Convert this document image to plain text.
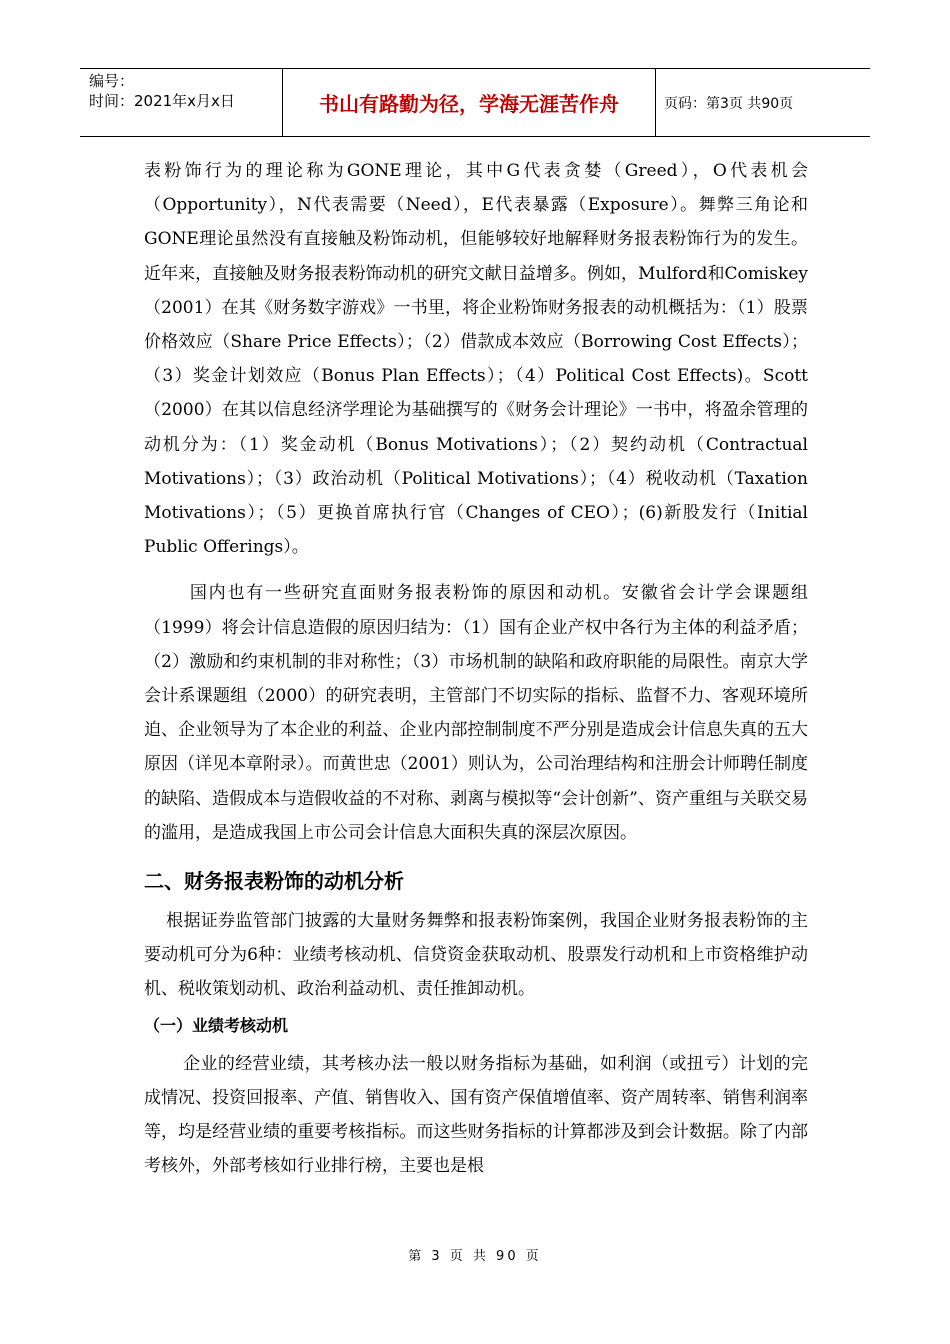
编号：
时间：2021年x月x日	书山有路勤为径，学海无涯苦作舟	页码：第3页 共90页

表粉饰行为的理论称为GONE理论，其中G代表贪婪（Greed），O代表机会（Opportunity），N代表需要（Need），E代表暴露（Exposure）。舞弊三角论和GONE理论虽然没有直接触及粉饰动机，但能够较好地解释财务报表粉饰行为的发生。近年来，直接触及财务报表粉饰动机的研究文献日益增多。例如，Mulford和Comiskey（2001）在其《财务数字游戏》一书里，将企业粉饰财务报表的动机概括为：（1）股票价格效应（Share Price Effects）；（2）借款成本效应（Borrowing Cost Effects）；（3）奖金计划效应（Bonus Plan Effects）；（4）Political Cost Effects)。Scott（2000）在其以信息经济学理论为基础撰写的《财务会计理论》一书中，将盈余管理的动机分为：（1）奖金动机（Bonus Motivations）；（2）契约动机（Contractual Motivations）；（3）政治动机（Political Motivations）；（4）税收动机（Taxation Motivations）；（5）更换首席执行官（Changes of CEO）；(6)新股发行（Initial Public Offerings）。

国内也有一些研究直面财务报表粉饰的原因和动机。安徽省会计学会课题组（1999）将会计信息造假的原因归结为：（1）国有企业产权中各行为主体的利益矛盾；（2）激励和约束机制的非对称性；（3）市场机制的缺陷和政府职能的局限性。南京大学会计系课题组（2000）的研究表明，主管部门不切实际的指标、监督不力、客观环境所迫、企业领导为了本企业的利益、企业内部控制制度不严分别是造成会计信息失真的五大原因（详见本章附录）。而黄世忠（2001）则认为，公司治理结构和注册会计师聘任制度的缺陷、造假成本与造假收益的不对称、剥离与模拟等“会计创新”、资产重组与关联交易的滥用，是造成我国上市公司会计信息大面积失真的深层次原因。

二、财务报表粉饰的动机分析

根据证券监管部门披露的大量财务舞弊和报表粉饰案例，我国企业财务报表粉饰的主要动机可分为6种：业绩考核动机、信贷资金获取动机、股票发行动机和上市资格维护动机、税收策划动机、政治利益动机、责任推卸动机。

（一）业绩考核动机

企业的经营业绩，其考核办法一般以财务指标为基础，如利润（或扭亏）计划的完成情况、投资回报率、产值、销售收入、国有资产保值增值率、资产周转率、销售利润率等，均是经营业绩的重要考核指标。而这些财务指标的计算都涉及到会计数据。除了内部考核外，外部考核如行业排行榜，主要也是根

第 3 页 共 90 页
